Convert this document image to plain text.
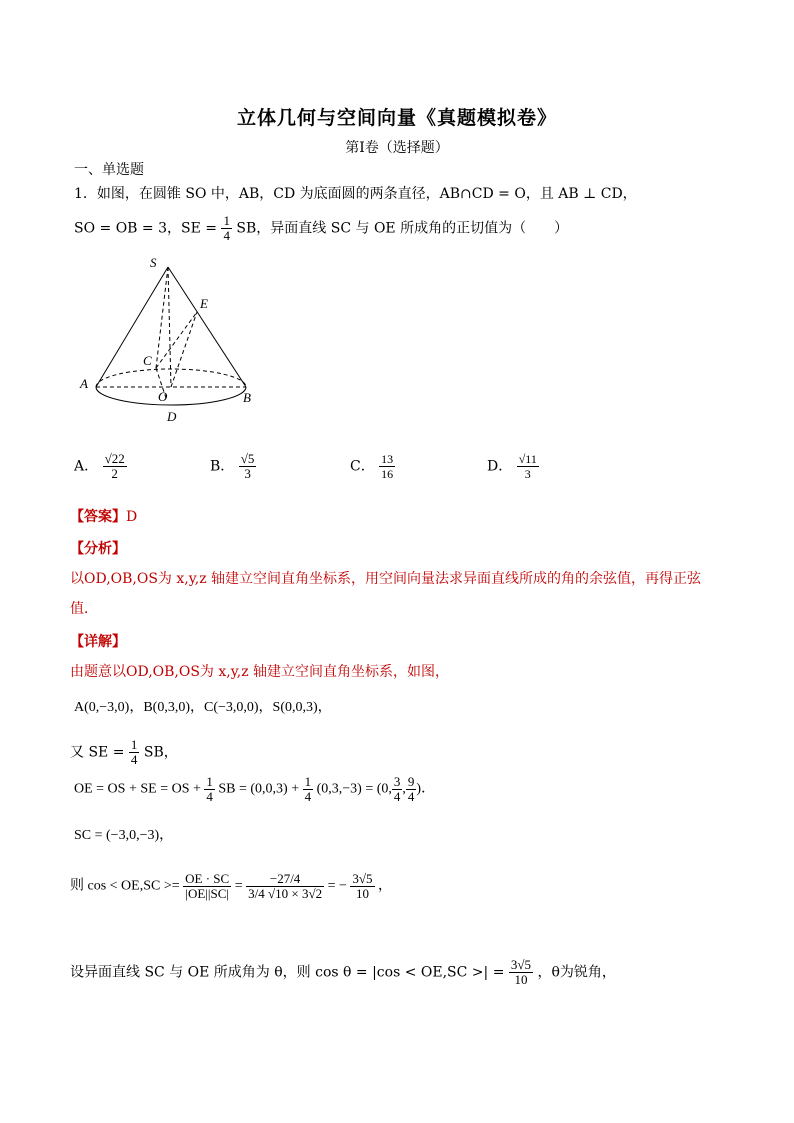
立体几何与空间向量《真题模拟卷》
第Ⅰ卷（选择题）
一、单选题
1．如图，在圆锥 SO 中，AB，CD 为底面圆的两条直径，AB∩CD = O，且 AB ⊥ CD，
SO = OB = 3，SE = $\frac{1}{4}$ SB，异面直线 SC 与 OE 所成角的正切值为（　　）
S
E
C
A
O	B
D
A． $\frac{√22}{2}$	B． $\frac{√5}{3}$	C． $\frac{13}{16}$	D． $\frac{√11}{3}$
【答案】D
【分析】
以OD,OB,OS为 x,y,z 轴建立空间直角坐标系，用空间向量法求异面直线所成的角的余弦值，再得正弦
值．
【详解】
由题意以OD,OB,OS为 x,y,z 轴建立空间直角坐标系，如图，
A(0,−3,0)，B(0,3,0)，C(−3,0,0)，S(0,0,3)，
又 SE = $\frac{1}{4}$ SB，
OE = OS + SE = OS + $\frac{1}{4}$ SB = $(0,0,3) + \frac{1}{4} (0,3,-3) = (0$, $\frac{3}{4}$ , $\frac{9}{4}$ )．
SC = (−3,0,−3)，
则 $\cos < OE,SC >= \frac{OE \cdot SC}{|OE||SC|} = \frac{-27/4}{3/4 √10 \times 3√2}$ = − $\frac{3√5}{10}$ ，
设异面直线 SC 与 OE 所成角为 θ，则 cos θ = |cos < OE,SC >| = $\frac{3√5}{10}$ ，θ为锐角，
